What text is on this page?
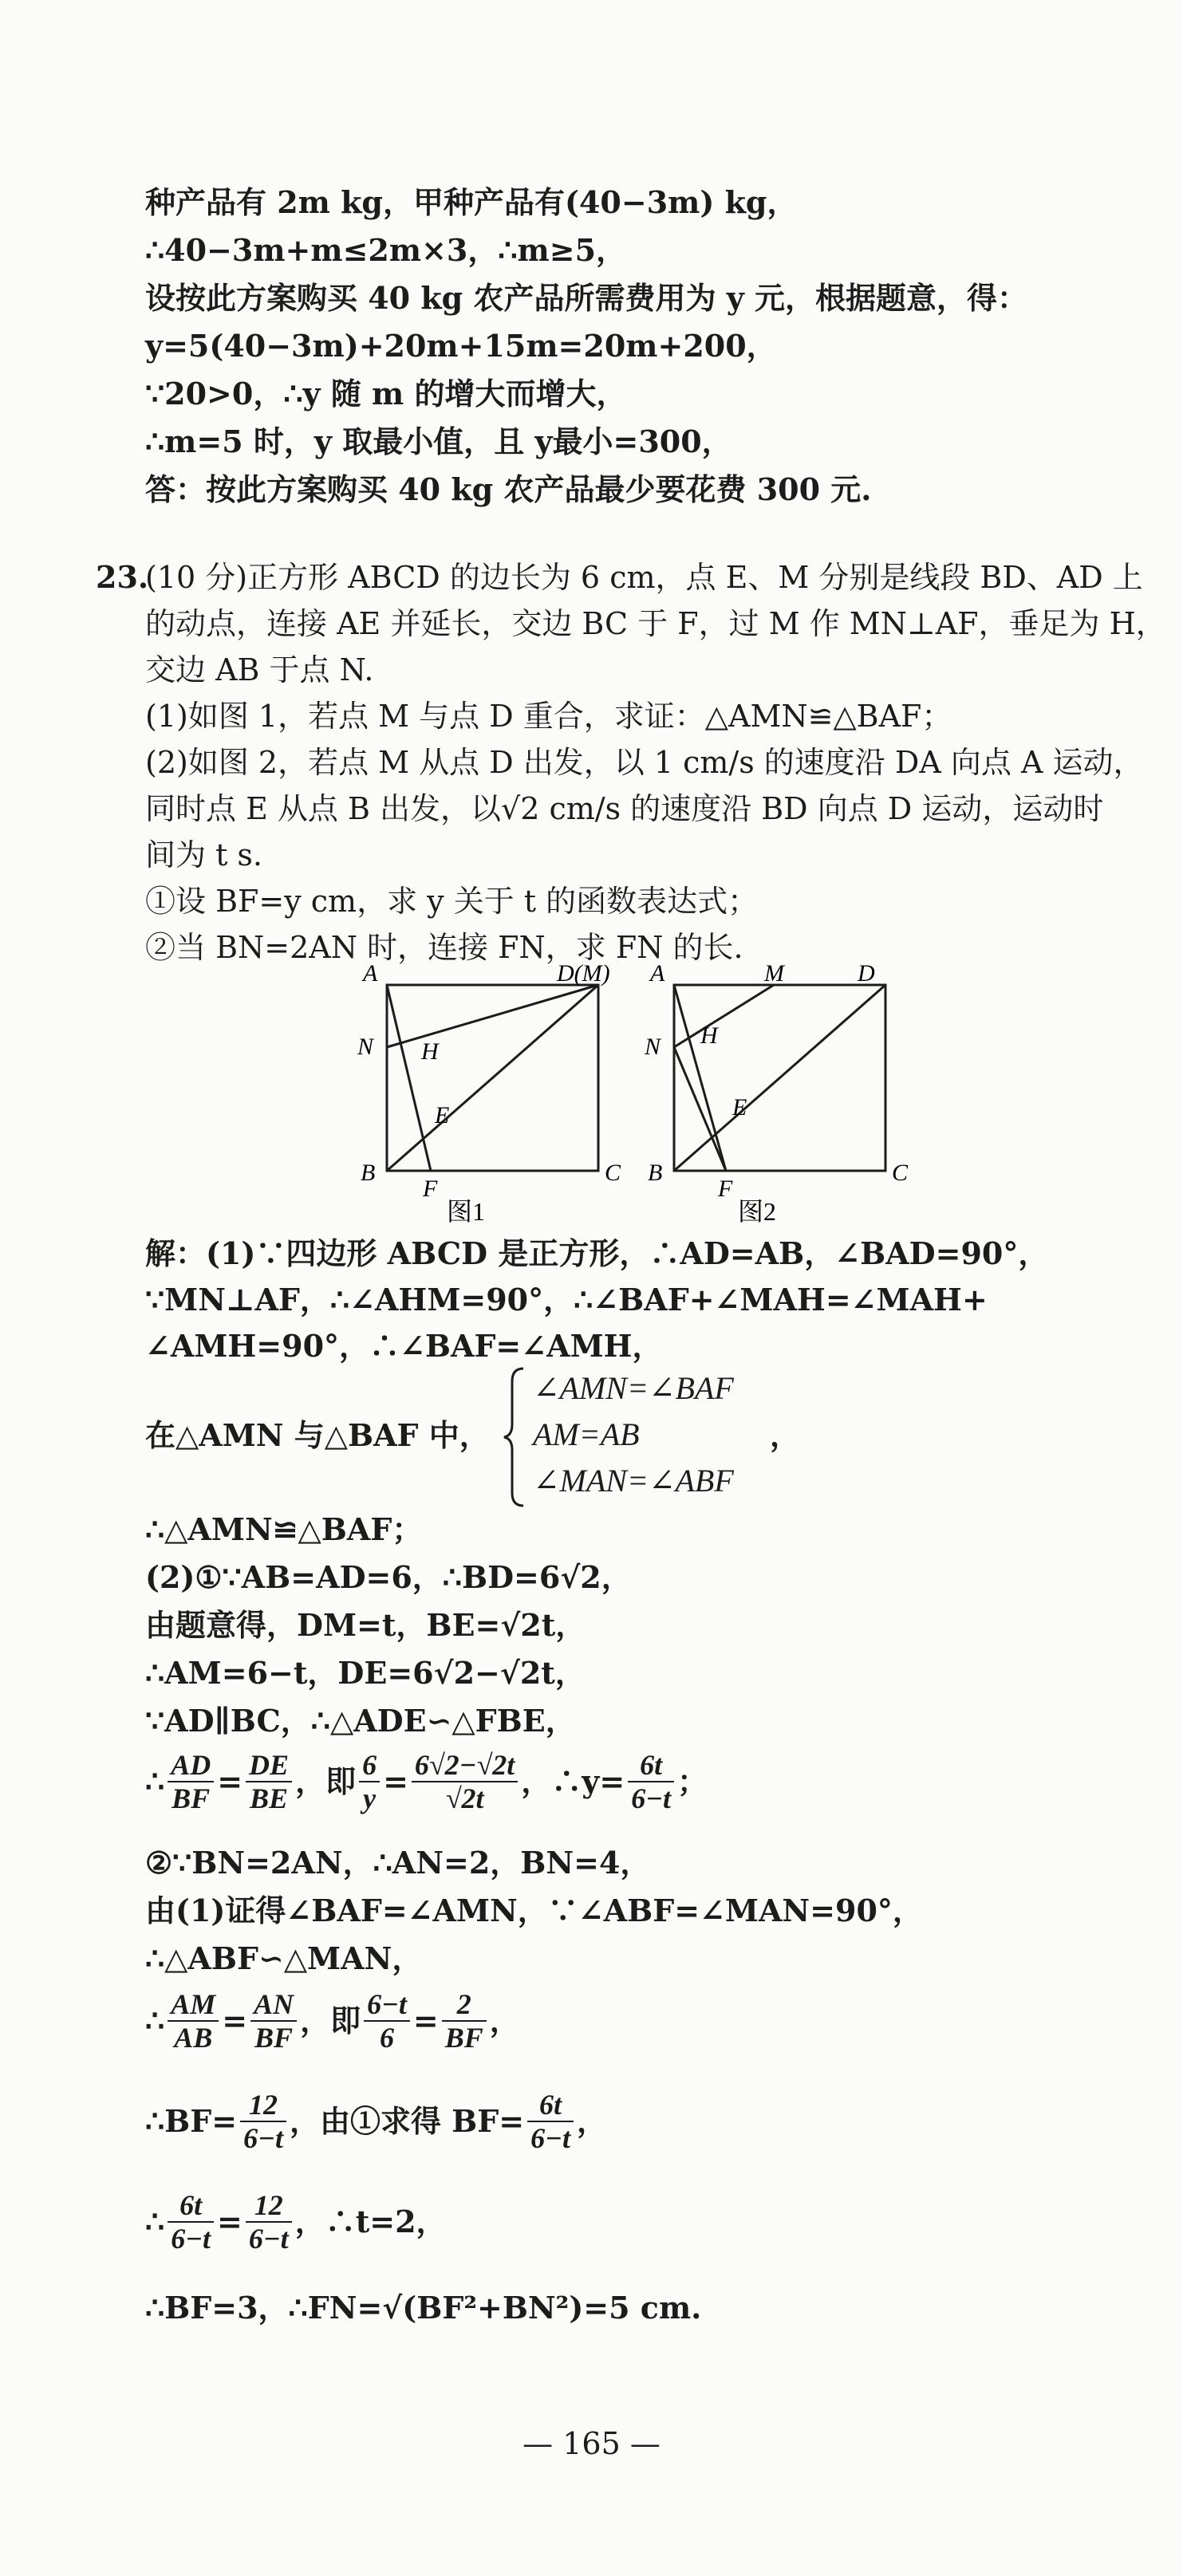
种产品有 2m kg，甲种产品有(40−3m) kg，
∴40−3m+m≤2m×3，∴m≥5，
设按此方案购买 40 kg 农产品所需费用为 y 元，根据题意，得：
y=5(40−3m)+20m+15m=20m+200，
∵20>0，∴y 随 m 的增大而增大，
∴m=5 时，y 取最小值，且 y最小=300，
答：按此方案购买 40 kg 农产品最少要花费 300 元.
23.
(10 分)正方形 ABCD 的边长为 6 cm，点 E、M 分别是线段 BD、AD 上
的动点，连接 AE 并延长，交边 BC 于 F，过 M 作 MN⊥AF，垂足为 H，
交边 AB 于点 N.
(1)如图 1，若点 M 与点 D 重合，求证：△AMN≌△BAF；
(2)如图 2，若点 M 从点 D 出发，以 1 cm/s 的速度沿 DA 向点 A 运动，
同时点 E 从点 B 出发，以√2 cm/s 的速度沿 BD 向点 D 运动，运动时
间为 t s.
①设 BF=y cm，求 y 关于 t 的函数表达式；
②当 BN=2AN 时，连接 FN，求 FN 的长.
A	D(M)
N H
E
B
F
C
图1
A	M	D
N H
E
B
F
C
图2
解：(1)∵四边形 ABCD 是正方形，∴AD=AB，∠BAD=90°，
∵MN⊥AF，∴∠AHM=90°，∴∠BAF+∠MAH=∠MAH+
∠AMH=90°，∴∠BAF=∠AMH，
在△AMN 与△BAF 中，
∠AMN=∠BAF
AM=AB
∠MAN=∠ABF
，
∴△AMN≌△BAF；
(2)①∵AB=AD=6，∴BD=6√2，
由题意得，DM=t，BE=√2t，
∴AM=6−t，DE=6√2−√2t，
∵AD∥BC，∴△ADE∽△FBE，
∴ $\frac{AD}{BF} = \frac{DE}{BE}$ ，即 $\frac{6}{y} = \frac{6√2-√2t}{√2t}$ ，∴y= $\frac{6t}{6-t}$ ；
②∵BN=2AN，∴AN=2，BN=4，
由(1)证得∠BAF=∠AMN，∵∠ABF=∠MAN=90°，
∴△ABF∽△MAN，
∴ $\frac{AM}{AB} = \frac{AN}{BF}$ ，即 $\frac{6-t}{6} = \frac{2}{BF}$ ，
∴BF= $\frac{12}{6-t}$ ，由①求得 $BF= \frac{6t}{6-t}$ ，
∴ $\frac{6t}{6-t} = \frac{12}{6-t}$ ，∴t=2，
∴BF=3，∴FN=√(BF²+BN²)=5 cm.
— 165 —
